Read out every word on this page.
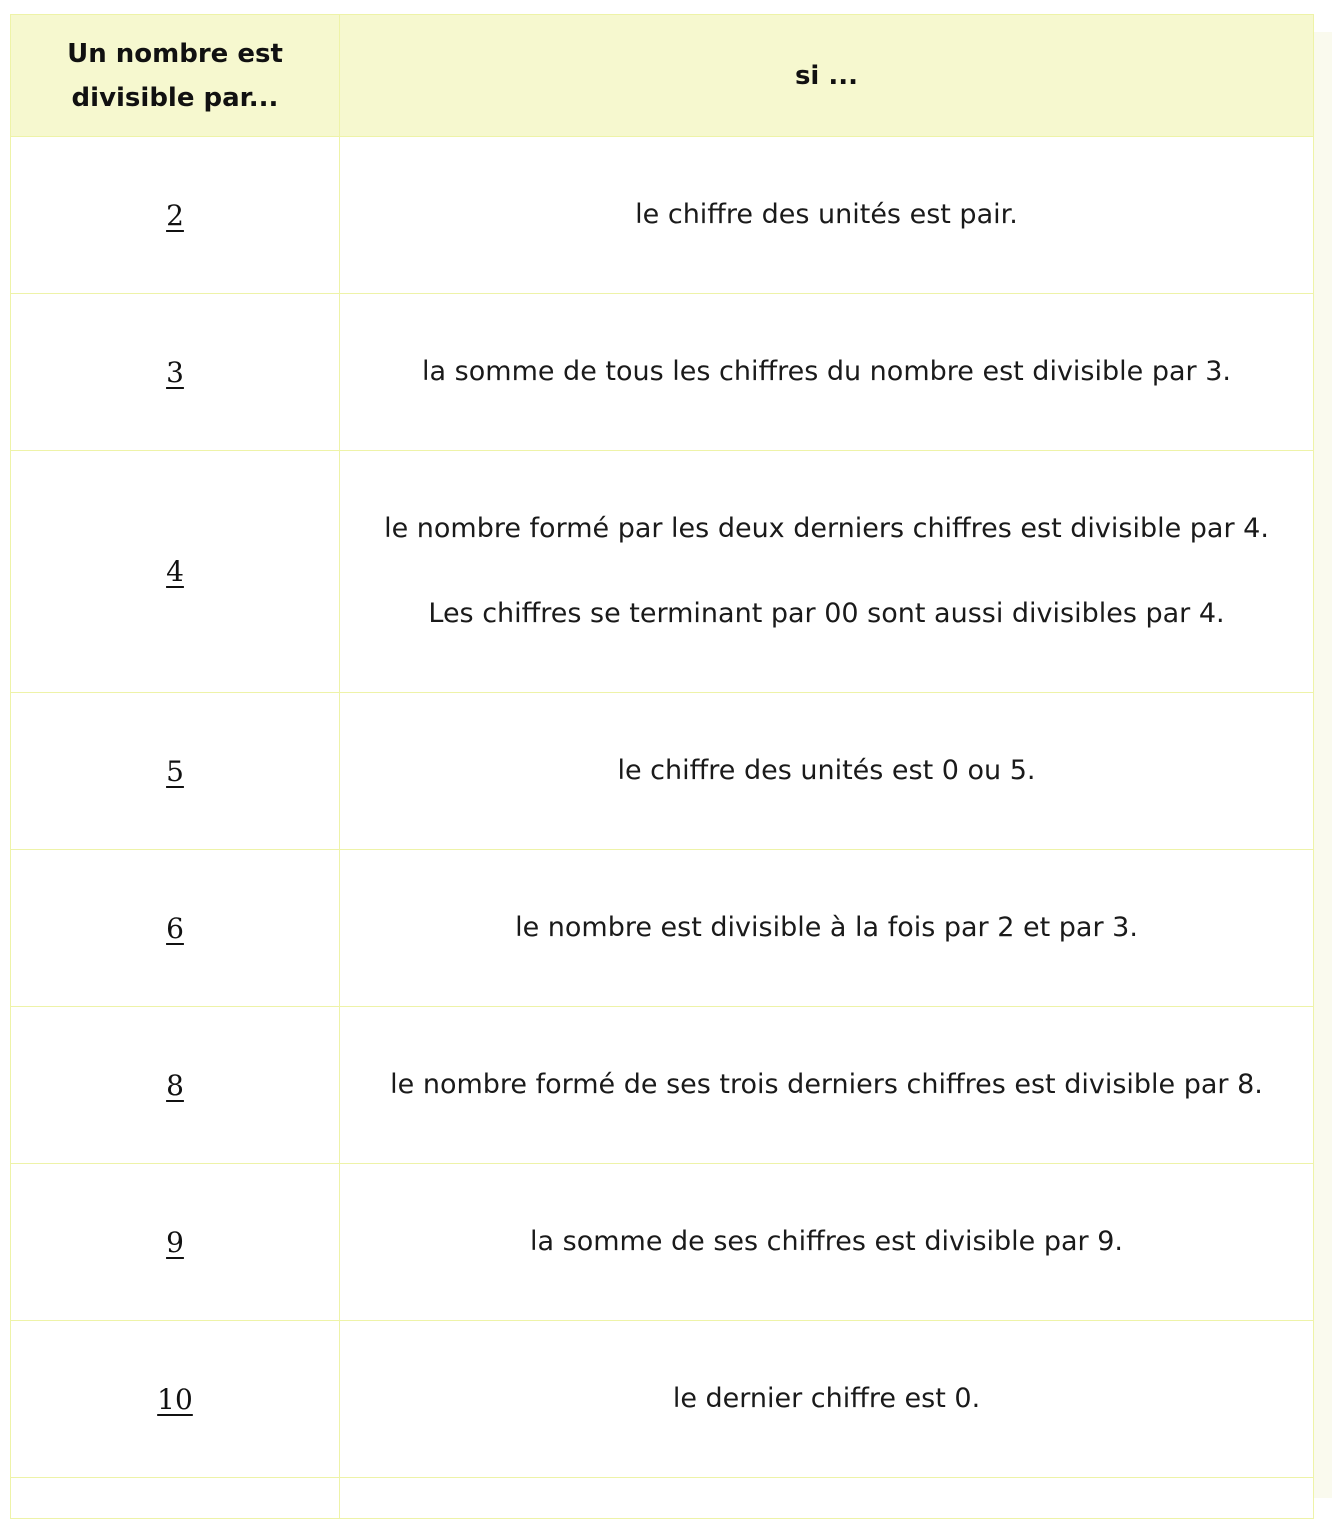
Un nombre est divisible par...	si ...
2	le chiffre des unités est pair.

3	la somme de tous les chiffres du nombre est divisible par 3.

4	le nombre formé par les deux derniers chiffres est divisible par 4.

Les chiffres se terminant par 00 sont aussi divisibles par 4.

5	le chiffre des unités est 0 ou 5.

6	le nombre est divisible à la fois par 2 et par 3.

8	le nombre formé de ses trois derniers chiffres est divisible par 8.

9	la somme de ses chiffres est divisible par 9.

10	le dernier chiffre est 0.
